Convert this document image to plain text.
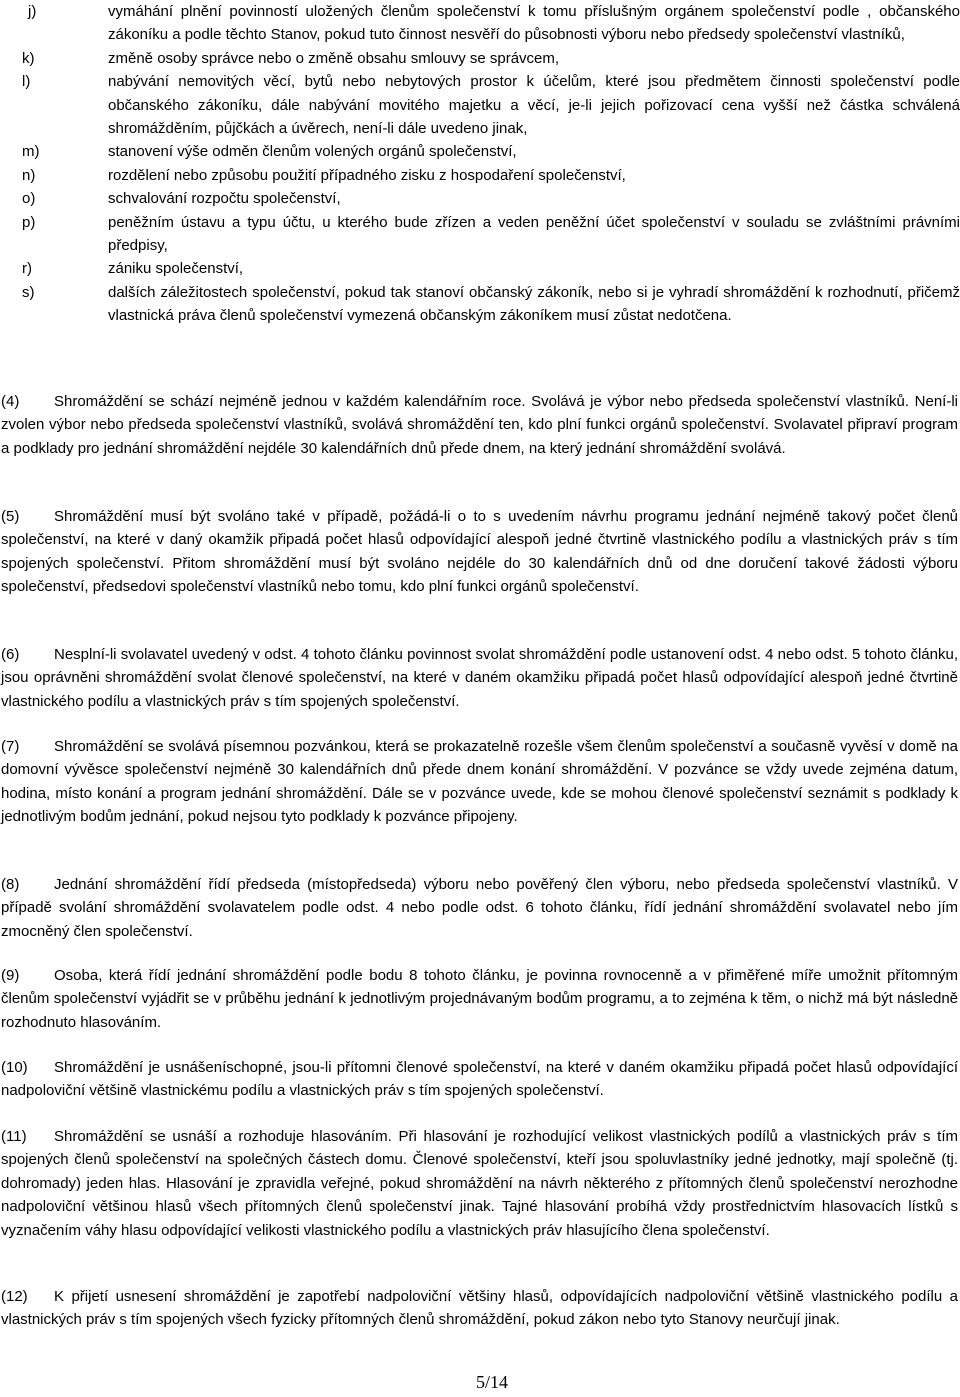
j)	vymáhání plnění povinností uložených členům společenství k tomu příslušným orgánem společenství podle , občanského zákoníku a podle těchto Stanov, pokud tuto činnost nesvěří do působnosti výboru nebo předsedy společenství vlastníků,
k)	změně osoby správce nebo o změně obsahu smlouvy se správcem,
l)	nabývání nemovitých věcí, bytů nebo nebytových prostor k účelům, které jsou předmětem činnosti společenství podle občanského zákoníku, dále nabývání movitého majetku a věcí, je-li jejich pořizovací cena vyšší než částka schválená shromážděním, půjčkách a úvěrech, není-li dále uvedeno jinak,
m)	stanovení výše odměn členům volených orgánů společenství,
n)	rozdělení nebo způsobu použití případného zisku z hospodaření společenství,
o)	schvalování rozpočtu společenství,
p)	peněžním ústavu a typu účtu, u kterého bude zřízen a veden peněžní účet společenství v souladu se zvláštními právními předpisy,
r)	zániku společenství,
s)	dalších záležitostech společenství, pokud tak stanoví občanský zákoník, nebo si je vyhradí shromáždění k rozhodnutí, přičemž vlastnická práva členů společenství vymezená občanským zákoníkem musí zůstat nedotčena.
(4) Shromáždění se schází nejméně jednou v každém kalendářním roce. Svolává je výbor nebo předseda společenství vlastníků. Není-li zvolen výbor nebo předseda společenství vlastníků, svolává shromáždění ten, kdo plní funkci orgánů společenství. Svolavatel připraví program a podklady pro jednání shromáždění nejdéle 30 kalendářních dnů přede dnem, na který jednání shromáždění svolává.
(5) Shromáždění musí být svoláno také v případě, požádá-li o to s uvedením návrhu programu jednání nejméně takový počet členů společenství, na které v daný okamžik připadá počet hlasů odpovídající alespoň jedné čtvrtině vlastnického podílu a vlastnických práv s tím spojených společenství. Přitom shromáždění musí být svoláno nejdéle do 30 kalendářních dnů od dne doručení takové žádosti výboru společenství, předsedovi společenství vlastníků nebo tomu, kdo plní funkci orgánů společenství.
(6) Nesplní-li svolavatel uvedený v odst. 4 tohoto článku povinnost svolat shromáždění podle ustanovení odst. 4 nebo odst. 5 tohoto článku, jsou oprávněni shromáždění svolat členové společenství, na které v daném okamžiku připadá počet hlasů odpovídající alespoň jedné čtvrtině vlastnického podílu a vlastnických práv s tím spojených společenství.
(7) Shromáždění se svolává písemnou pozvánkou, která se prokazatelně rozešle všem členům společenství a současně vyvěsí v domě na domovní vývěsce společenství nejméně 30 kalendářních dnů přede dnem konání shromáždění. V pozvánce se vždy uvede zejména datum, hodina, místo konání a program jednání shromáždění. Dále se v pozvánce uvede, kde se mohou členové společenství seznámit s podklady k jednotlivým bodům jednání, pokud nejsou tyto podklady k pozvánce připojeny.
(8) Jednání shromáždění řídí předseda (místopředseda) výboru nebo pověřený člen výboru, nebo předseda společenství vlastníků. V případě svolání shromáždění svolavatelem podle odst. 4 nebo podle odst. 6 tohoto článku, řídí jednání shromáždění svolavatel nebo jím zmocněný člen společenství.
(9) Osoba, která řídí jednání shromáždění podle bodu 8 tohoto článku, je povinna rovnocenně a v přiměřené míře umožnit přítomným členům společenství vyjádřit se v průběhu jednání k jednotlivým projednávaným bodům programu, a to zejména k těm, o nichž má být následně rozhodnuto hlasováním.
(10) Shromáždění je usnášeníschopné, jsou-li přítomni členové společenství, na které v daném okamžiku připadá počet hlasů odpovídající nadpoloviční většině vlastnickému podílu a vlastnických práv s tím spojených společenství.
(11) Shromáždění se usnáší a rozhoduje hlasováním. Při hlasování je rozhodující velikost vlastnických podílů a vlastnických práv s tím spojených členů společenství na společných částech domu. Členové společenství, kteří jsou spoluvlastníky jedné jednotky, mají společně (tj. dohromady) jeden hlas. Hlasování je zpravidla veřejné, pokud shromáždění na návrh některého z přítomných členů společenství nerozhodne nadpoloviční většinou hlasů všech přítomných členů společenství jinak. Tajné hlasování probíhá vždy prostřednictvím hlasovacích lístků s vyznačením váhy hlasu odpovídající velikosti vlastnického podílu a vlastnických práv hlasujícího člena společenství.
(12) K přijetí usnesení shromáždění je zapotřebí nadpoloviční většiny hlasů, odpovídajících nadpoloviční většině vlastnického podílu a vlastnických práv s tím spojených všech fyzicky přítomných členů shromáždění, pokud zákon nebo tyto Stanovy neurčují jinak.
5/14
